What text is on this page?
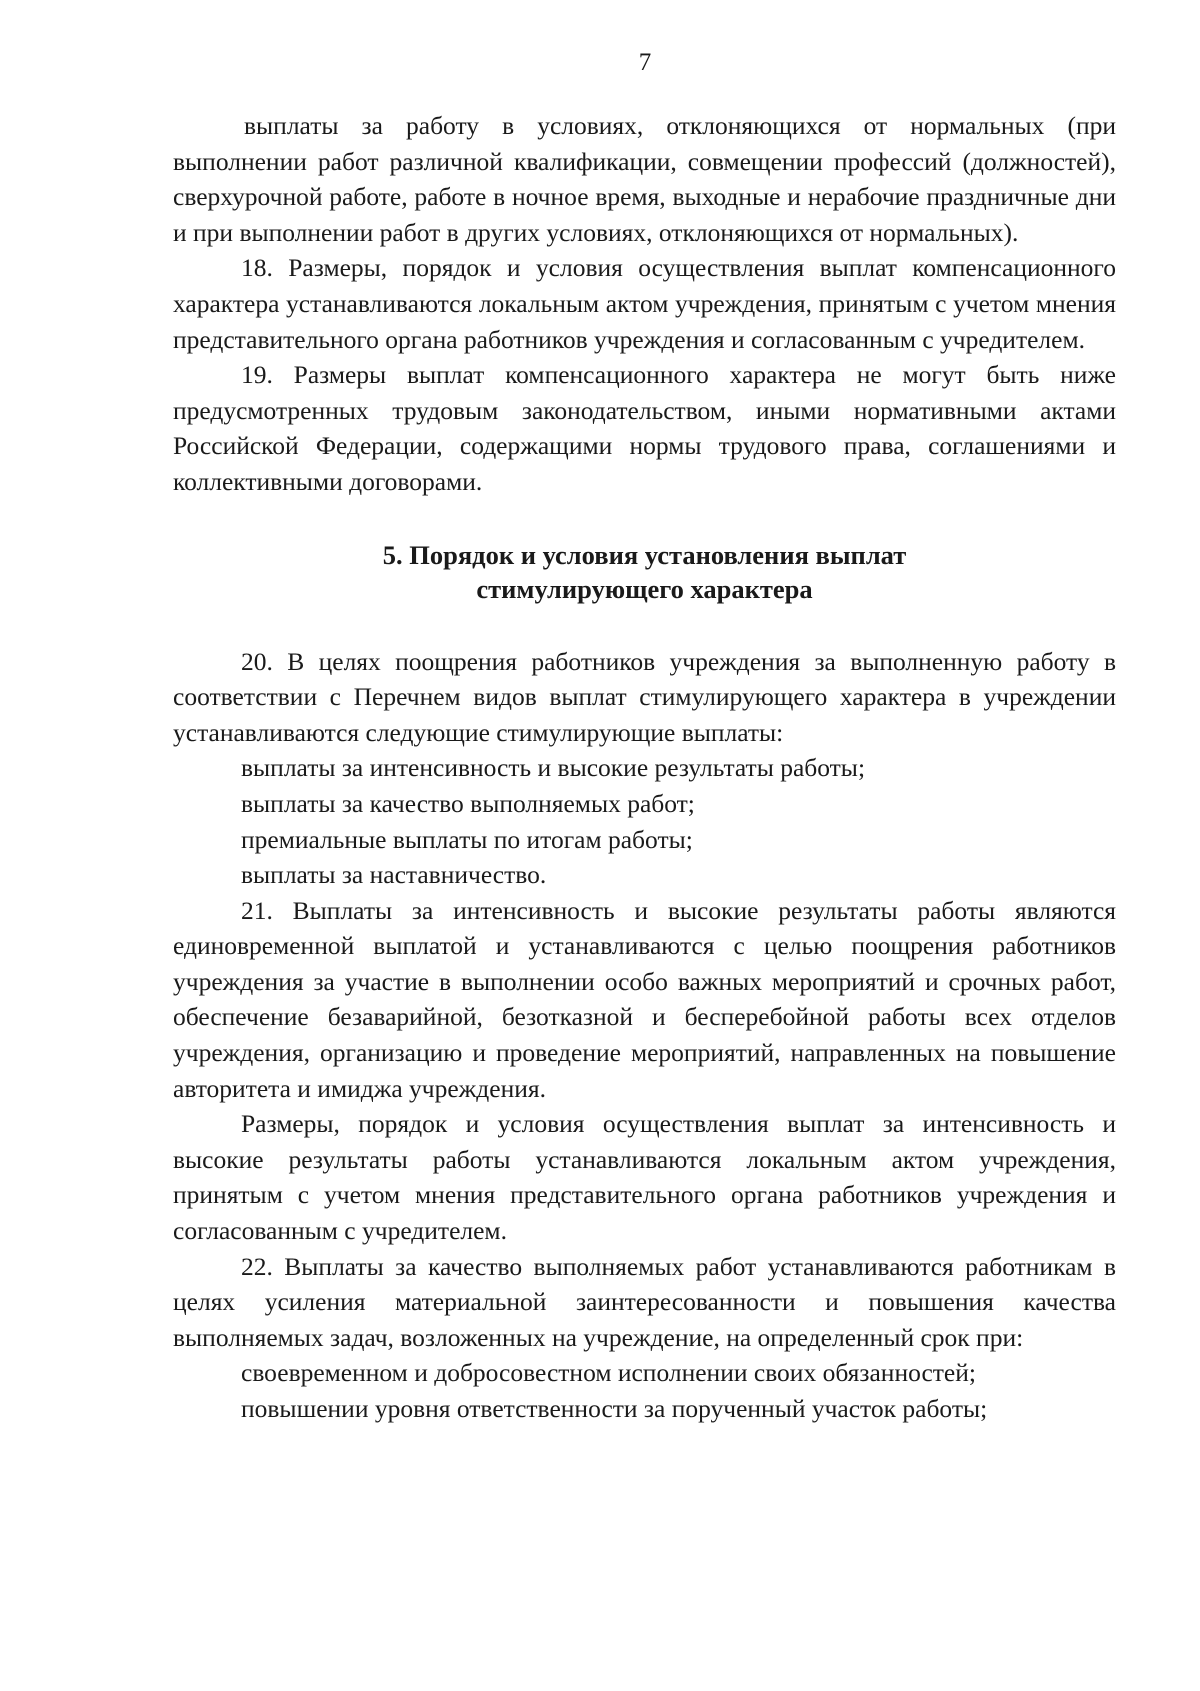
7

выплаты за работу в условиях, отклоняющихся от нормальных (при выполнении работ различной квалификации, совмещении профессий (должностей), сверхурочной работе, работе в ночное время, выходные и нерабочие праздничные дни и при выполнении работ в других условиях, отклоняющихся от нормальных).

18. Размеры, порядок и условия осуществления выплат компенсационного характера устанавливаются локальным актом учреждения, принятым с учетом мнения представительного органа работников учреждения и согласованным с учредителем.

19. Размеры выплат компенсационного характера не могут быть ниже предусмотренных трудовым законодательством, иными нормативными актами Российской Федерации, содержащими нормы трудового права, соглашениями и коллективными договорами.

5. Порядок и условия установления выплат
стимулирующего характера

20. В целях поощрения работников учреждения за выполненную работу в соответствии с Перечнем видов выплат стимулирующего характера в учреждении устанавливаются следующие стимулирующие выплаты:

выплаты за интенсивность и высокие результаты работы;

выплаты за качество выполняемых работ;

премиальные выплаты по итогам работы;

выплаты за наставничество.

21. Выплаты за интенсивность и высокие результаты работы являются единовременной выплатой и устанавливаются с целью поощрения работников учреждения за участие в выполнении особо важных мероприятий и срочных работ, обеспечение безаварийной, безотказной и бесперебойной работы всех отделов учреждения, организацию и проведение мероприятий, направленных на повышение авторитета и имиджа учреждения.

Размеры, порядок и условия осуществления выплат за интенсивность и высокие результаты работы устанавливаются локальным актом учреждения, принятым с учетом мнения представительного органа работников учреждения и согласованным с учредителем.

22. Выплаты за качество выполняемых работ устанавливаются работникам в целях усиления материальной заинтересованности и повышения качества выполняемых задач, возложенных на учреждение, на определенный срок при:

своевременном и добросовестном исполнении своих обязанностей;

повышении уровня ответственности за порученный участок работы;
